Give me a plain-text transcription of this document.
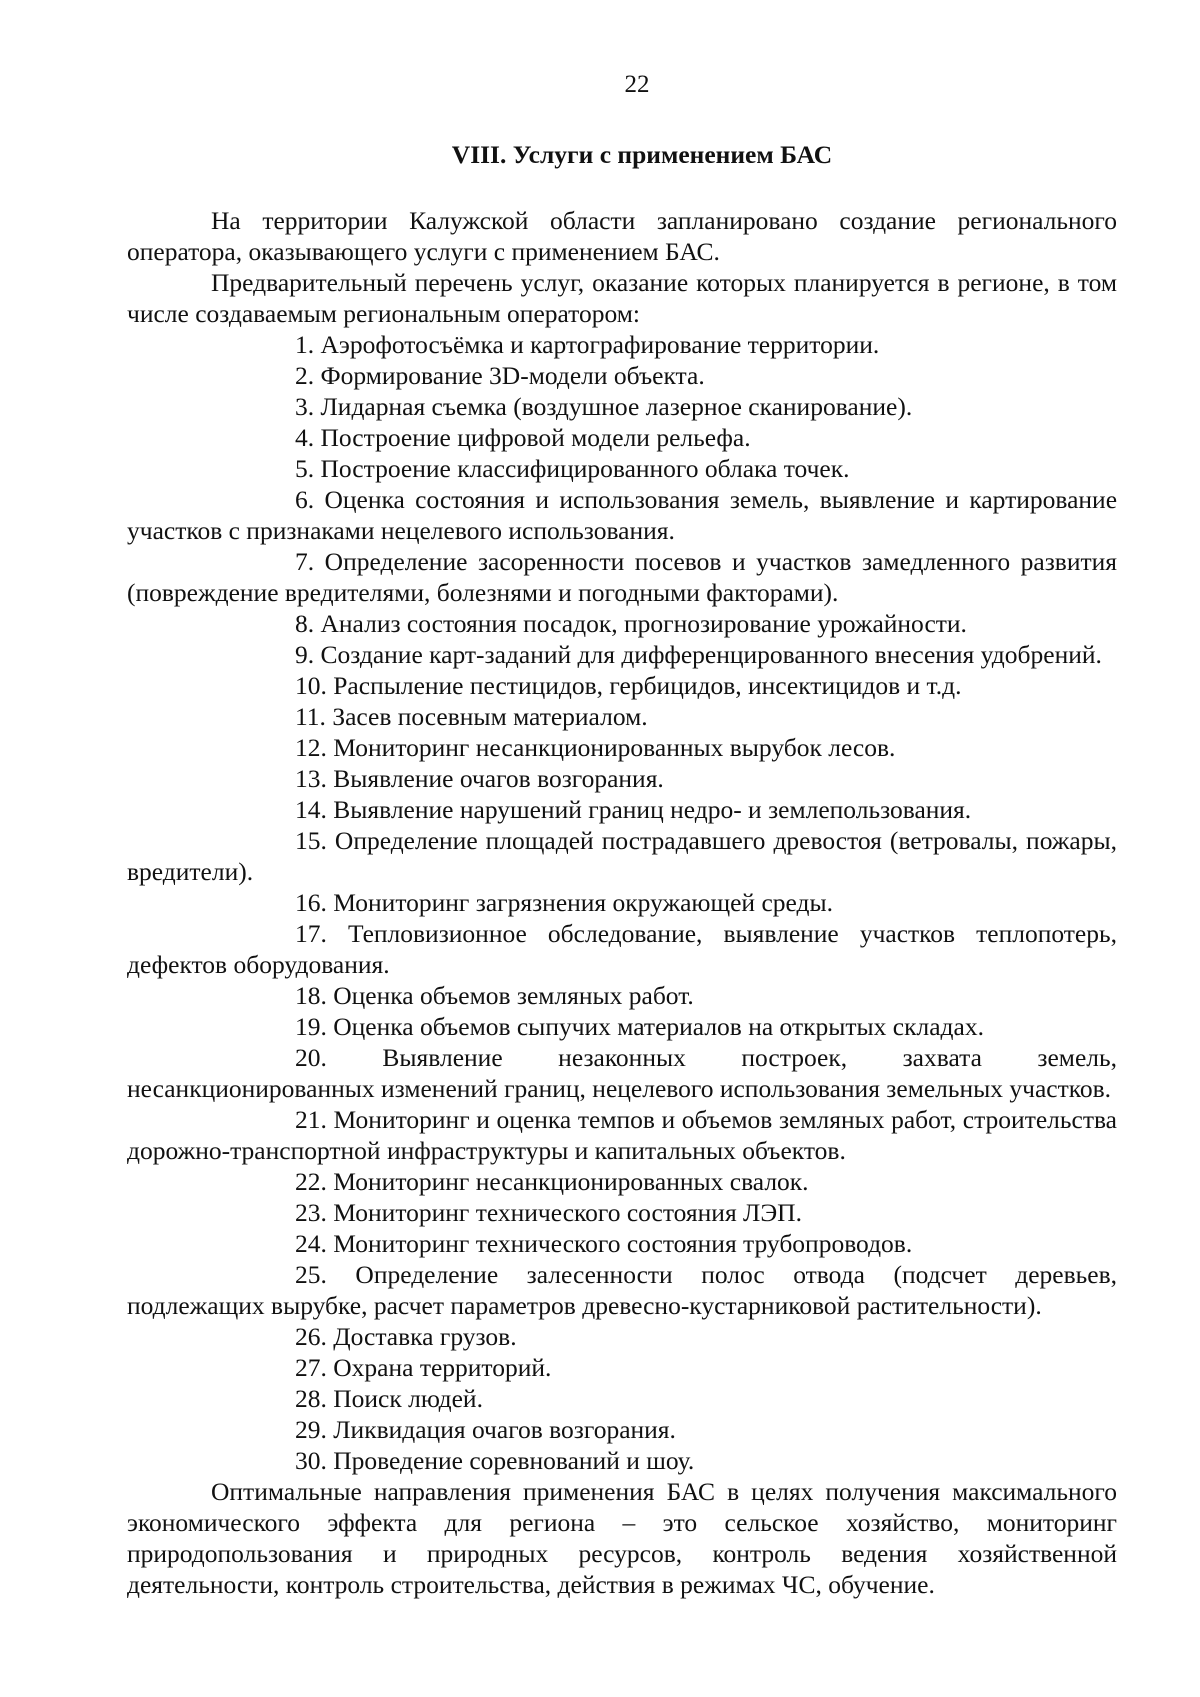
22
VIII. Услуги с применением БАС

На территории Калужской области запланировано создание регионального оператора, оказывающего услуги с применением БАС.

Предварительный перечень услуг, оказание которых планируется в регионе, в том числе создаваемым региональным оператором:

1. Аэрофотосъёмка и картографирование территории.

2. Формирование 3D-модели объекта.

3. Лидарная съемка (воздушное лазерное сканирование).

4. Построение цифровой модели рельефа.

5. Построение классифицированного облака точек.

6. Оценка состояния и использования земель, выявление и картирование участков с признаками нецелевого использования.

7. Определение засоренности посевов и участков замедленного развития (повреждение вредителями, болезнями и погодными факторами).

8. Анализ состояния посадок, прогнозирование урожайности.

9. Создание карт-заданий для дифференцированного внесения удобрений.

10. Распыление пестицидов, гербицидов, инсектицидов и т.д.

11. Засев посевным материалом.

12. Мониторинг несанкционированных вырубок лесов.

13. Выявление очагов возгорания.

14. Выявление нарушений границ недро- и землепользования.

15. Определение площадей пострадавшего древостоя (ветровалы, пожары, вредители).

16. Мониторинг загрязнения окружающей среды.

17. Тепловизионное обследование, выявление участков теплопотерь, дефектов оборудования.

18. Оценка объемов земляных работ.

19. Оценка объемов сыпучих материалов на открытых складах.

20. Выявление незаконных построек, захвата земель, несанкционированных изменений границ, нецелевого использования земельных участков.

21. Мониторинг и оценка темпов и объемов земляных работ, строительства дорожно-транспортной инфраструктуры и капитальных объектов.

22. Мониторинг несанкционированных свалок.

23. Мониторинг технического состояния ЛЭП.

24. Мониторинг технического состояния трубопроводов.

25. Определение залесенности полос отвода (подсчет деревьев, подлежащих вырубке, расчет параметров древесно-кустарниковой растительности).

26. Доставка грузов.

27. Охрана территорий.

28. Поиск людей.

29. Ликвидация очагов возгорания.

30. Проведение соревнований и шоу.

Оптимальные направления применения БАС в целях получения максимального экономического эффекта для региона – это сельское хозяйство, мониторинг природопользования и природных ресурсов, контроль ведения хозяйственной деятельности, контроль строительства, действия в режимах ЧС, обучение.
